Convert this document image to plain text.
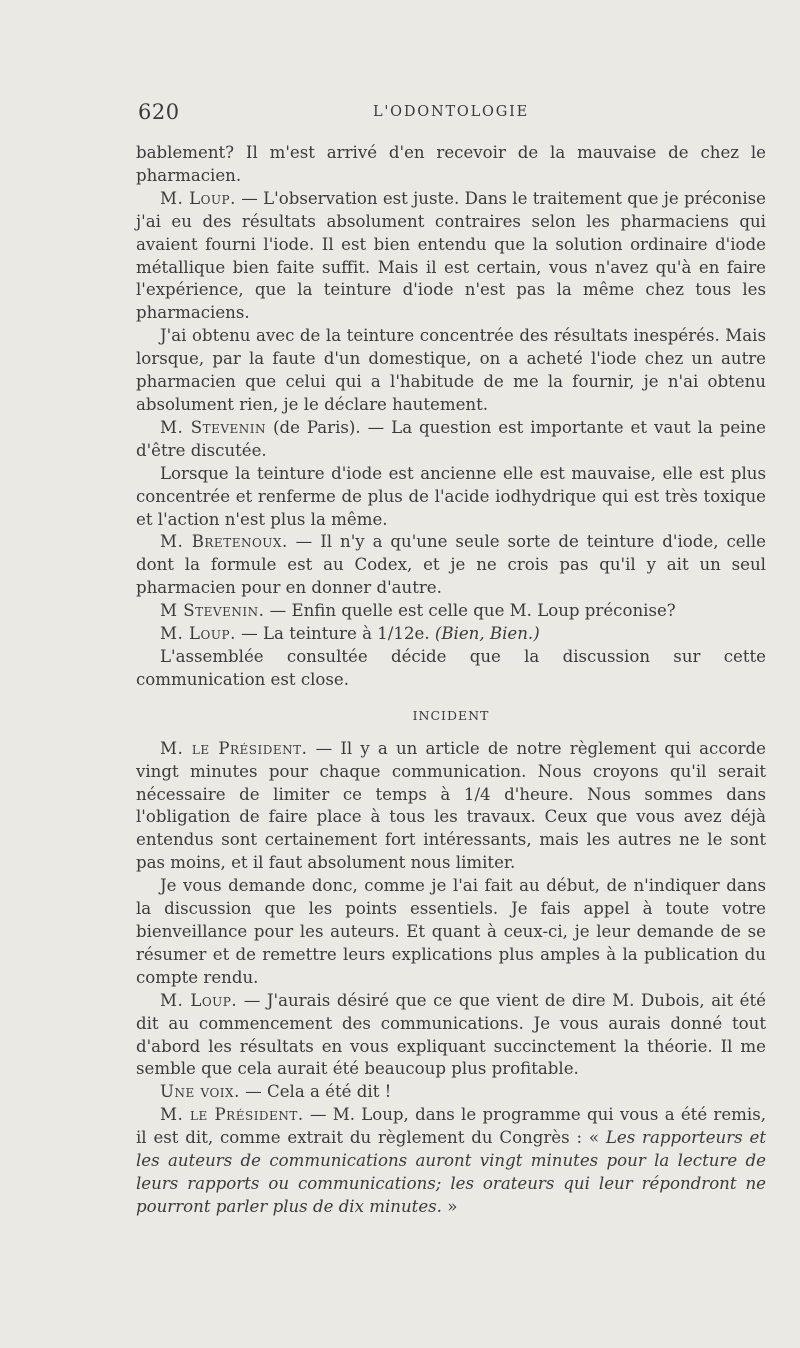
620	L'ODONTOLOGIE

bablement? Il m'est arrivé d'en recevoir de la mauvaise de chez le pharmacien.

M. Loup. — L'observation est juste. Dans le traitement que je préconise j'ai eu des résultats absolument contraires selon les pharmaciens qui avaient fourni l'iode. Il est bien entendu que la solution ordinaire d'iode métallique bien faite suffit. Mais il est certain, vous n'avez qu'à en faire l'expérience, que la teinture d'iode n'est pas la même chez tous les pharmaciens.

J'ai obtenu avec de la teinture concentrée des résultats inespérés. Mais lorsque, par la faute d'un domestique, on a acheté l'iode chez un autre pharmacien que celui qui a l'habitude de me la fournir, je n'ai obtenu absolument rien, je le déclare hautement.

M. Stevenin (de Paris). — La question est importante et vaut la peine d'être discutée.

Lorsque la teinture d'iode est ancienne elle est mauvaise, elle est plus concentrée et renferme de plus de l'acide iodhydrique qui est très toxique et l'action n'est plus la même.

M. Bretenoux. — Il n'y a qu'une seule sorte de teinture d'iode, celle dont la formule est au Codex, et je ne crois pas qu'il y ait un seul pharmacien pour en donner d'autre.

M Stevenin. — Enfin quelle est celle que M. Loup préconise?

M. Loup. — La teinture à 1/12e. (Bien, Bien.)

L'assemblée consultée décide que la discussion sur cette communication est close.

INCIDENT

M. le Président. — Il y a un article de notre règlement qui accorde vingt minutes pour chaque communication. Nous croyons qu'il serait nécessaire de limiter ce temps à 1/4 d'heure. Nous sommes dans l'obligation de faire place à tous les travaux. Ceux que vous avez déjà entendus sont certainement fort intéressants, mais les autres ne le sont pas moins, et il faut absolument nous limiter.

Je vous demande donc, comme je l'ai fait au début, de n'indiquer dans la discussion que les points essentiels. Je fais appel à toute votre bienveillance pour les auteurs. Et quant à ceux-ci, je leur demande de se résumer et de remettre leurs explications plus amples à la publication du compte rendu.

M. Loup. — J'aurais désiré que ce que vient de dire M. Dubois, ait été dit au commencement des communications. Je vous aurais donné tout d'abord les résultats en vous expliquant succinctement la théorie. Il me semble que cela aurait été beaucoup plus profitable.

Une voix. — Cela a été dit !

M. le Président. — M. Loup, dans le programme qui vous a été remis, il est dit, comme extrait du règlement du Congrès : « Les rapporteurs et les auteurs de communications auront vingt minutes pour la lecture de leurs rapports ou communications; les orateurs qui leur répondront ne pourront parler plus de dix minutes. »
